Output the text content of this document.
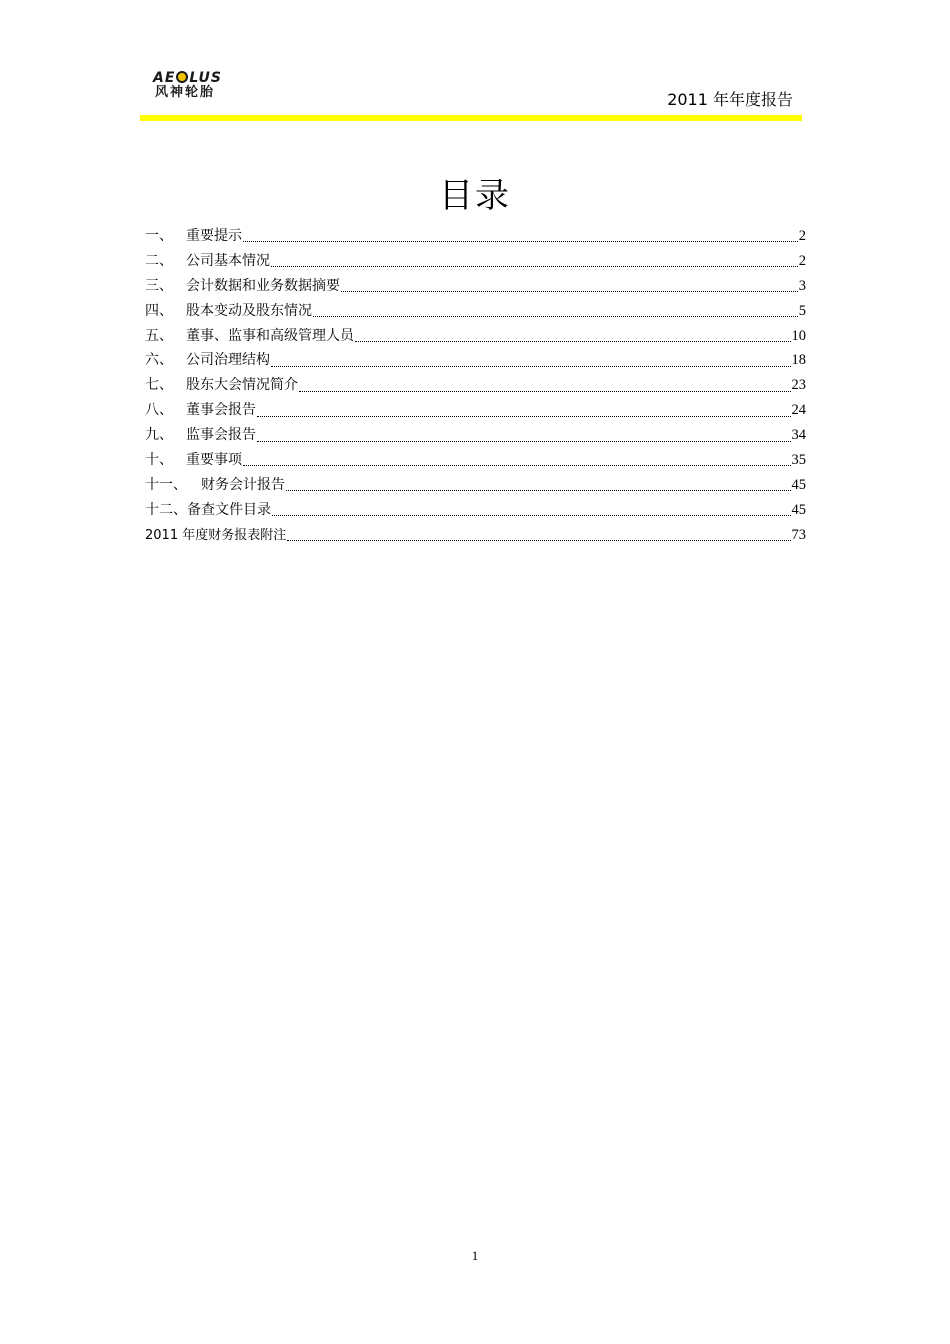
AE LUS
风神轮胎	2011 年年度报告
目录
一、 重要提示	2
二、 公司基本情况	2
三、 会计数据和业务数据摘要	3
四、 股本变动及股东情况	5
五、 董事、监事和高级管理人员	10
六、 公司治理结构	18
七、 股东大会情况简介	23
八、 董事会报告	24
九、 监事会报告	34
十、 重要事项	35
十一、	财务会计报告	45
十二、 备查文件目录	45
2011 年度财务报表附注	73
1
